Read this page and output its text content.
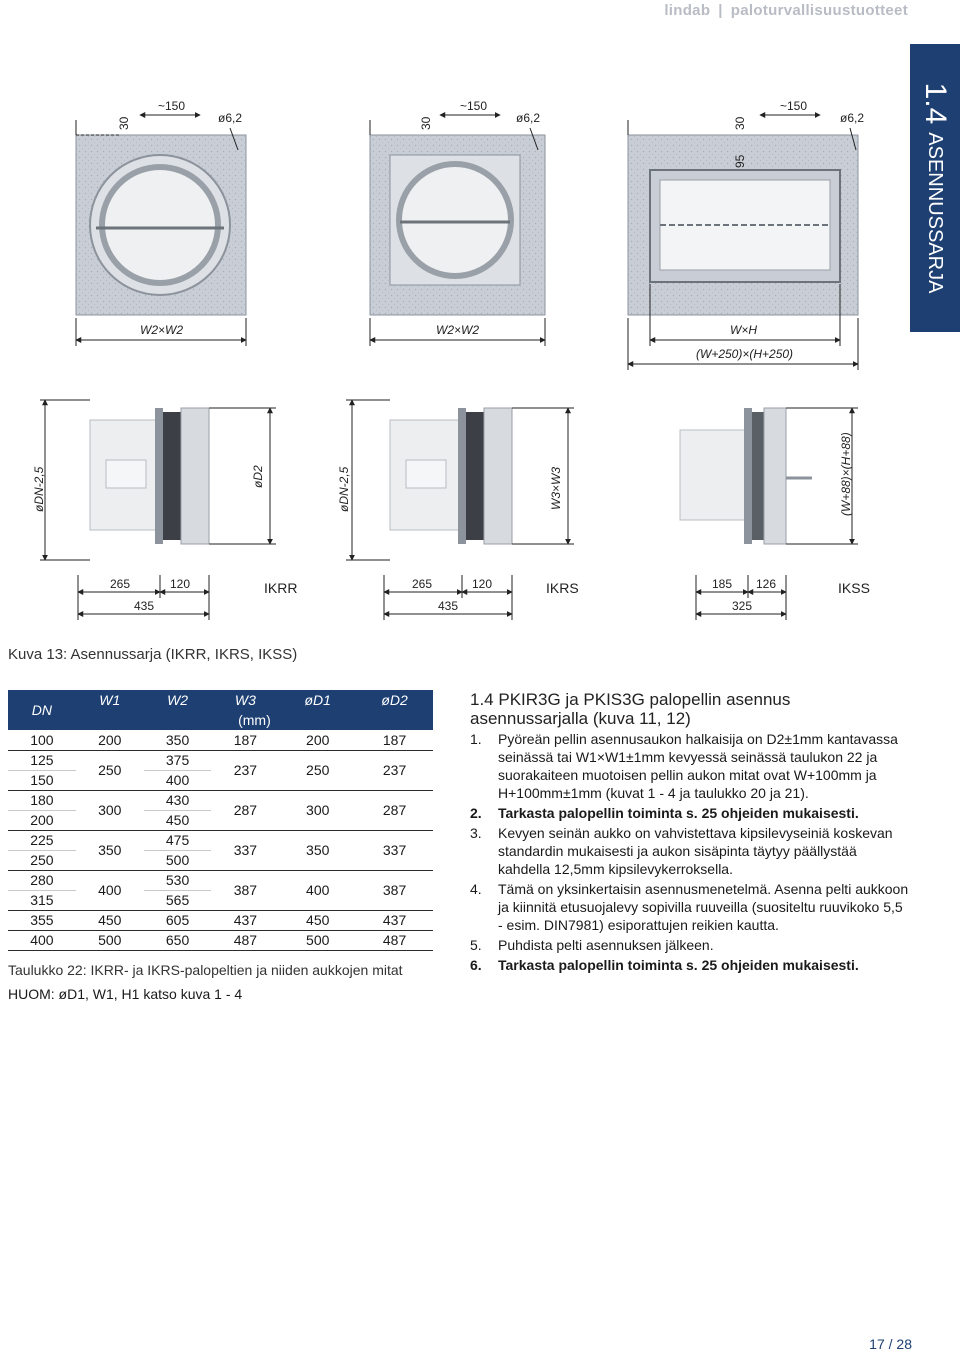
lindab | paloturvallisuustuotteet
1.4ASENNUSSARJA
30
~150
ø6,2
W2×W2
30
~150
ø6,2
W2×W2
30
95
~150
ø6,2
W×H
(W+250)×(H+250)
øDN-2,5	øD2
265	120
435
IKRR
øDN-2,5	W3×W3
265	120
435
IKRS
(W+88)×(H+88)
185 126
325
IKSS
Kuva 13: Asennussarja (IKRR, IKRS, IKSS)
DN	W1	W2	W3	øD1	øD2
	(mm)				
100	200	350	187	200	187
125	250	375	237	250	237
150		400			
180	300	430	287	300	287
200		450			
225	350	475	337	350	337
250		500			
280	400	530	387	400	387
315		565			
355	450	605	437	450	437
400	500	650	487	500	487
Taulukko 22: IKRR- ja IKRS-palopeltien ja niiden aukkojen mitat
HUOM: øD1, W1, H1 katso kuva 1 - 4
1.4 PKIR3G ja PKIS3G palopellin asennus asennussarjalla (kuva 11, 12)
1. Pyöreän pellin asennusaukon halkaisija on D2±1mm kantavassa seinässä tai W1×W1±1mm kevyessä seinässä taulukon 22 ja suorakaiteen muotoisen pellin aukon mitat ovat W+100mm ja H+100mm±1mm (kuvat 1 - 4 ja taulukko 20 ja 21).
2. Tarkasta palopellin toiminta s. 25 ohjeiden mukaisesti.
3. Kevyen seinän aukko on vahvistettava kipsilevyseiniä koskevan standardin mukaisesti ja aukon sisäpinta täytyy päällystää kahdella 12,5mm kipsilevykerroksella.
4. Tämä on yksinkertaisin asennusmenetelmä. Asenna pelti aukkoon ja kiinnitä etusuojalevy sopivilla ruuveilla (suositeltu ruuvikoko 5,5 - esim. DIN7981) esiporattujen reikien kautta.
5. Puhdista pelti asennuksen jälkeen.
6. Tarkasta palopellin toiminta s. 25 ohjeiden mukaisesti.
17 / 28
